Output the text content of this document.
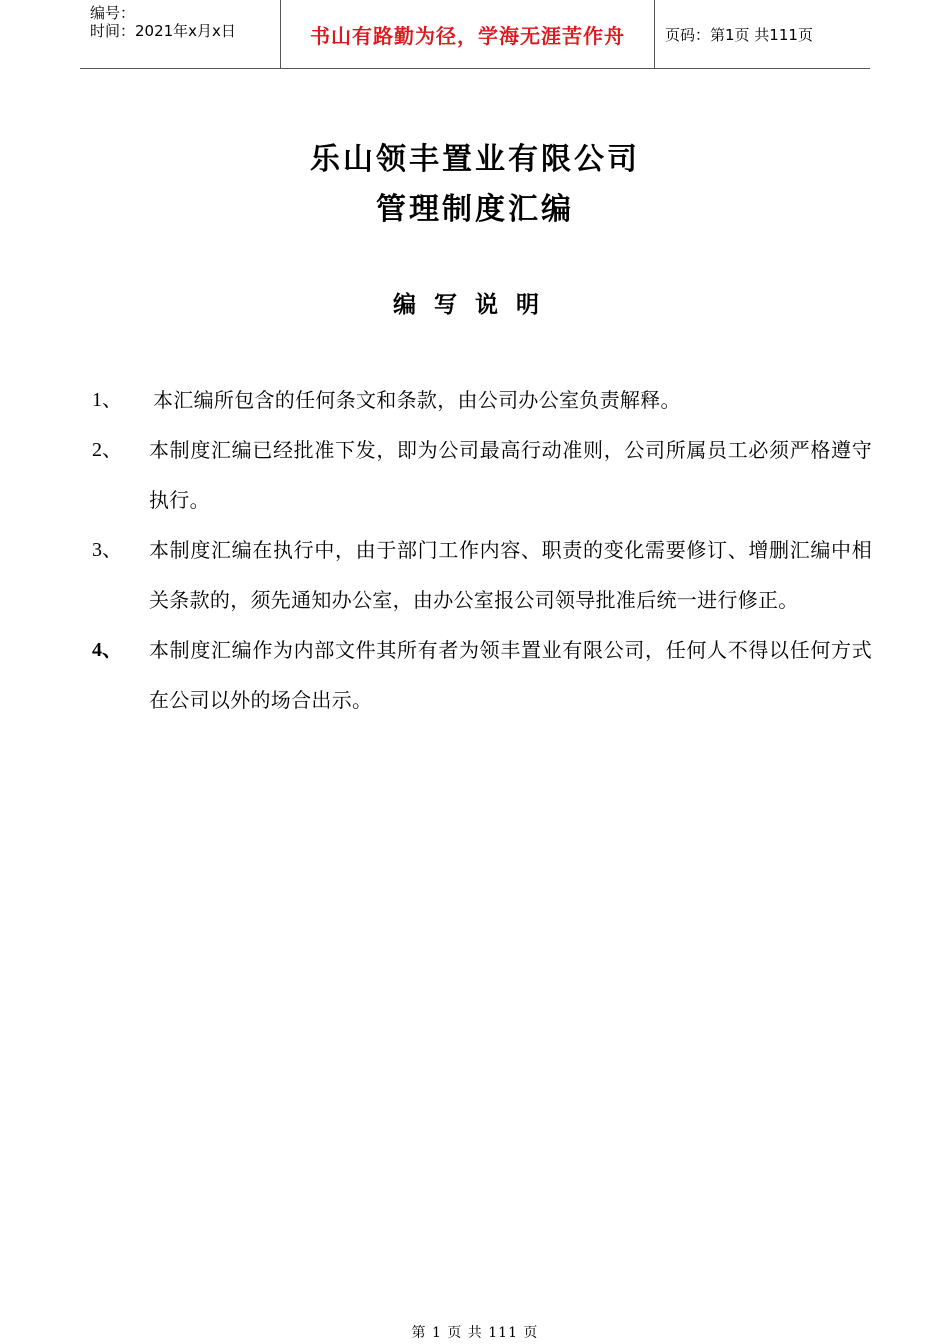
编号：
时间：2021年x月x日	书山有路勤为径，学海无涯苦作舟	页码：第1页 共111页
乐山领丰置业有限公司
管理制度汇编
编写说明
1、	本汇编所包含的任何条文和条款，由公司办公室负责解释。
2、	本制度汇编已经批准下发，即为公司最高行动准则，公司所属员工必须严格遵守执行。
3、	本制度汇编在执行中，由于部门工作内容、职责的变化需要修订、增删汇编中相关条款的，须先通知办公室，由办公室报公司领导批准后统一进行修正。
4、	本制度汇编作为内部文件其所有者为领丰置业有限公司，任何人不得以任何方式在公司以外的场合出示。
第 1 页 共 111 页
